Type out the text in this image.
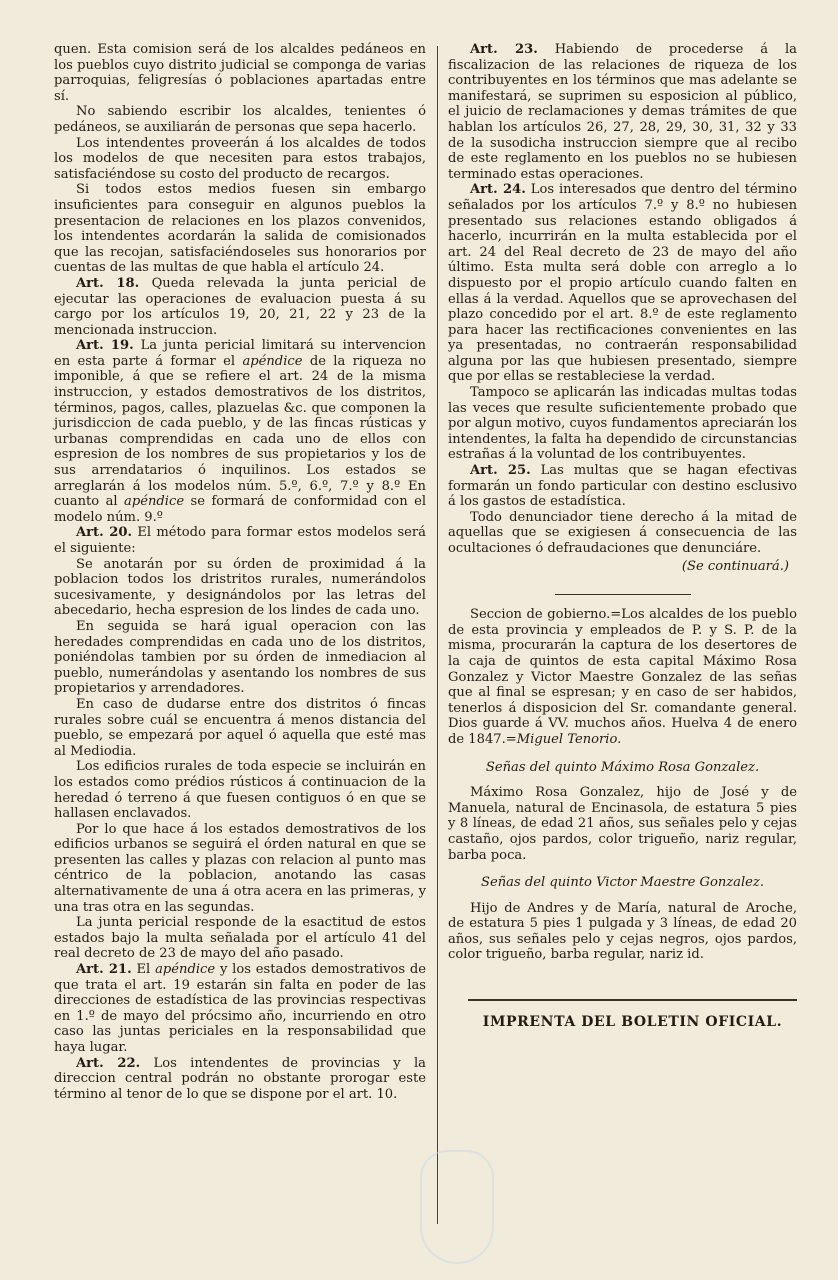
quen. Esta comision será de los alcaldes pedáneos en los pueblos cuyo distrito judicial se componga de varias parroquias, feligresías ó poblaciones apartadas entre sí.

No sabiendo escribir los alcaldes, tenientes ó pedáneos, se auxiliarán de personas que sepa hacerlo.

Los intendentes proveerán á los alcaldes de todos los modelos de que necesiten para estos trabajos, satisfaciéndose su costo del producto de recargos.

Si todos estos medios fuesen sin embargo insuficientes para conseguir en algunos pueblos la presentacion de relaciones en los plazos convenidos, los intendentes acordarán la salida de comisionados que las recojan, satisfaciéndoseles sus honorarios por cuentas de las multas de que habla el artículo 24.

Art. 18. Queda relevada la junta pericial de ejecutar las operaciones de evaluacion puesta á su cargo por los artículos 19, 20, 21, 22 y 23 de la mencionada instruccion.

Art. 19. La junta pericial limitará su intervencion en esta parte á formar el apéndice de la riqueza no imponible, á que se refiere el art. 24 de la misma instruccion, y estados demostrativos de los distritos, términos, pagos, calles, plazuelas &c. que componen la jurisdiccion de cada pueblo, y de las fincas rústicas y urbanas comprendidas en cada uno de ellos con espresion de los nombres de sus propietarios y los de sus arrendatarios ó inquilinos. Los estados se arreglarán á los modelos núm. 5.º, 6.º, 7.º y 8.º En cuanto al apéndice se formará de conformidad con el modelo núm. 9.º

Art. 20. El método para formar estos modelos será el siguiente:

Se anotarán por su órden de proximidad á la poblacion todos los dristritos rurales, numerándolos sucesivamente, y designándolos por las letras del abecedario, hecha espresion de los lindes de cada uno.

En seguida se hará igual operacion con las heredades comprendidas en cada uno de los distritos, poniéndolas tambien por su órden de inmediacion al pueblo, numerándolas y asentando los nombres de sus propietarios y arrendadores.

En caso de dudarse entre dos distritos ó fincas rurales sobre cuál se encuentra á menos distancia del pueblo, se empezará por aquel ó aquella que esté mas al Mediodia.

Los edificios rurales de toda especie se incluirán en los estados como prédios rústicos á continuacion de la heredad ó terreno á que fuesen contiguos ó en que se hallasen enclavados.

Por lo que hace á los estados demostrativos de los edificios urbanos se seguirá el órden natural en que se presenten las calles y plazas con relacion al punto mas céntrico de la poblacion, anotando las casas alternativamente de una á otra acera en las primeras, y una tras otra en las segundas.

La junta pericial responde de la esactitud de estos estados bajo la multa señalada por el artículo 41 del real decreto de 23 de mayo del año pasado.

Art. 21. El apéndice y los estados demostrativos de que trata el art. 19 estarán sin falta en poder de las direcciones de estadística de las provincias respectivas en 1.º de mayo del prócsimo año, incurriendo en otro caso las juntas periciales en la responsabilidad que haya lugar.

Art. 22. Los intendentes de provincias y la direccion central podrán no obstante prorogar este término al tenor de lo que se dispone por el art. 10.

Art. 23. Habiendo de procederse á la fiscalizacion de las relaciones de riqueza de los contribuyentes en los términos que mas adelante se manifestará, se suprimen su esposicion al público, el juicio de reclamaciones y demas trámites de que hablan los artículos 26, 27, 28, 29, 30, 31, 32 y 33 de la susodicha instruccion siempre que al recibo de este reglamento en los pueblos no se hubiesen terminado estas operaciones.

Art. 24. Los interesados que dentro del término señalados por los artículos 7.º y 8.º no hubiesen presentado sus relaciones estando obligados á hacerlo, incurrirán en la multa establecida por el art. 24 del Real decreto de 23 de mayo del año último. Esta multa será doble con arreglo a lo dispuesto por el propio artículo cuando falten en ellas á la verdad. Aquellos que se aprovechasen del plazo concedido por el art. 8.º de este reglamento para hacer las rectificaciones convenientes en las ya presentadas, no contraerán responsabilidad alguna por las que hubiesen presentado, siempre que por ellas se restableciese la verdad.

Tampoco se aplicarán las indicadas multas todas las veces que resulte suficientemente probado que por algun motivo, cuyos fundamentos apreciarán los intendentes, la falta ha dependido de circunstancias estrañas á la voluntad de los contribuyentes.

Art. 25. Las multas que se hagan efectivas formarán un fondo particular con destino esclusivo á los gastos de estadística.

Todo denunciador tiene derecho á la mitad de aquellas que se exigiesen á consecuencia de las ocultaciones ó defraudaciones que denunciáre.

(Se continuará.)

Seccion de gobierno.=Los alcaldes de los pueblo de esta provincia y empleados de P. y S. P. de la misma, procurarán la captura de los desertores de la caja de quintos de esta capital Máximo Rosa Gonzalez y Victor Maestre Gonzalez de las señas que al final se espresan; y en caso de ser habidos, tenerlos á disposicion del Sr. comandante general. Dios guarde á VV. muchos años. Huelva 4 de enero de 1847.=Miguel Tenorio.

Señas del quinto Máximo Rosa Gonzalez.

Máximo Rosa Gonzalez, hijo de José y de Manuela, natural de Encinasola, de estatura 5 pies y 8 líneas, de edad 21 años, sus señales pelo y cejas castaño, ojos pardos, color trigueño, nariz regular, barba poca.

Señas del quinto Victor Maestre Gonzalez.

Hijo de Andres y de María, natural de Aroche, de estatura 5 pies 1 pulgada y 3 líneas, de edad 20 años, sus señales pelo y cejas negros, ojos pardos, color trigueño, barba regular, nariz id.

IMPRENTA DEL BOLETIN OFICIAL.
